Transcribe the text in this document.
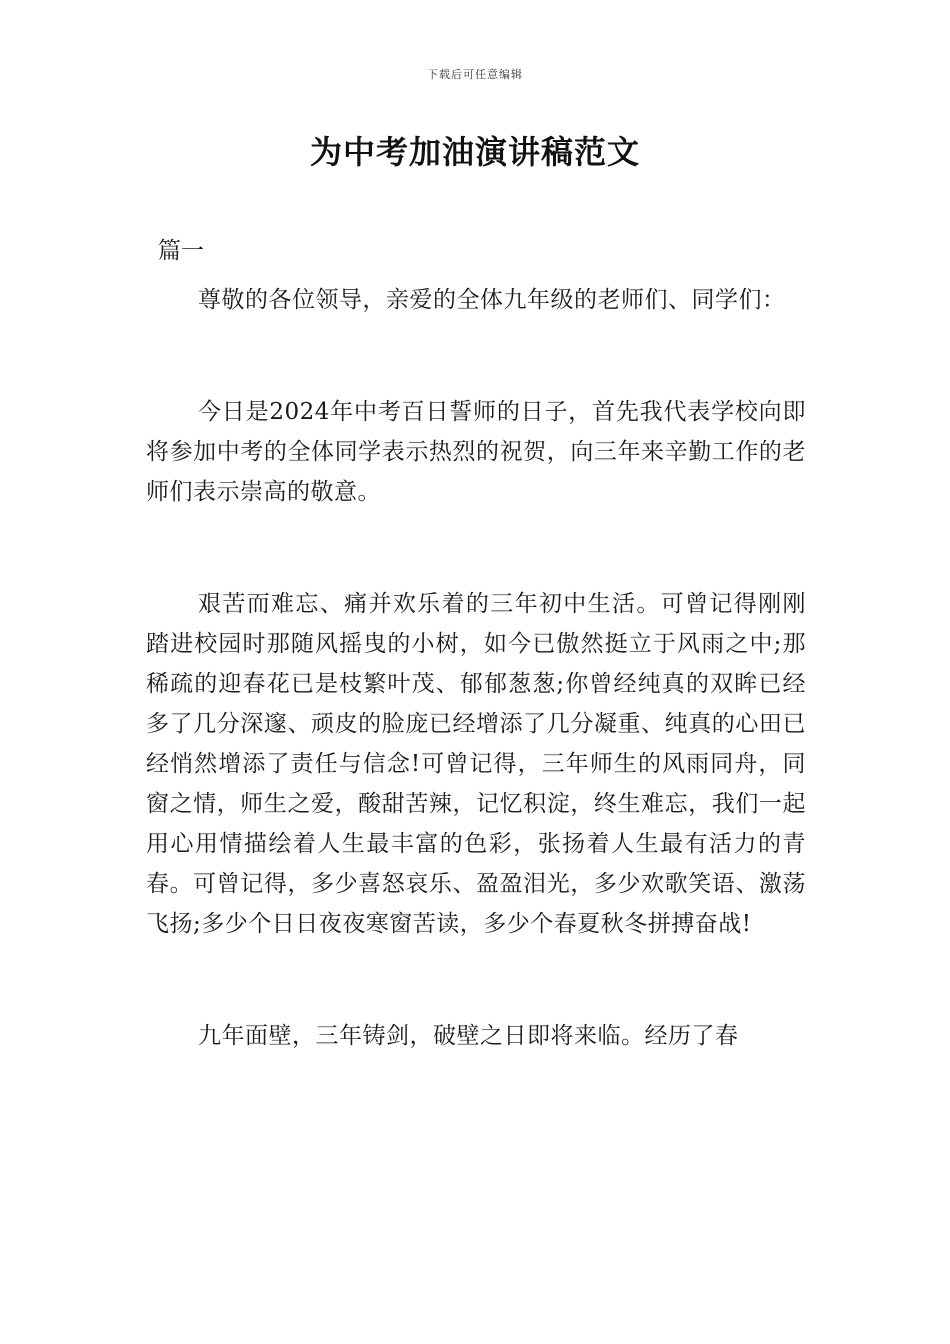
下载后可任意编辑
为中考加油演讲稿范文
篇一

尊敬的各位领导，亲爱的全体九年级的老师们、同学们：

今日是2024年中考百日誓师的日子，首先我代表学校向即将参加中考的全体同学表示热烈的祝贺，向三年来辛勤工作的老师们表示崇高的敬意。

艰苦而难忘、痛并欢乐着的三年初中生活。可曾记得刚刚踏进校园时那随风摇曳的小树，如今已傲然挺立于风雨之中;那稀疏的迎春花已是枝繁叶茂、郁郁葱葱;你曾经纯真的双眸已经多了几分深邃、顽皮的脸庞已经增添了几分凝重、纯真的心田已经悄然增添了责任与信念!可曾记得，三年师生的风雨同舟，同窗之情，师生之爱，酸甜苦辣，记忆积淀，终生难忘，我们一起用心用情描绘着人生最丰富的色彩，张扬着人生最有活力的青春。可曾记得，多少喜怒哀乐、盈盈泪光，多少欢歌笑语、激荡飞扬;多少个日日夜夜寒窗苦读，多少个春夏秋冬拼搏奋战!

九年面壁，三年铸剑，破壁之日即将来临。经历了春
